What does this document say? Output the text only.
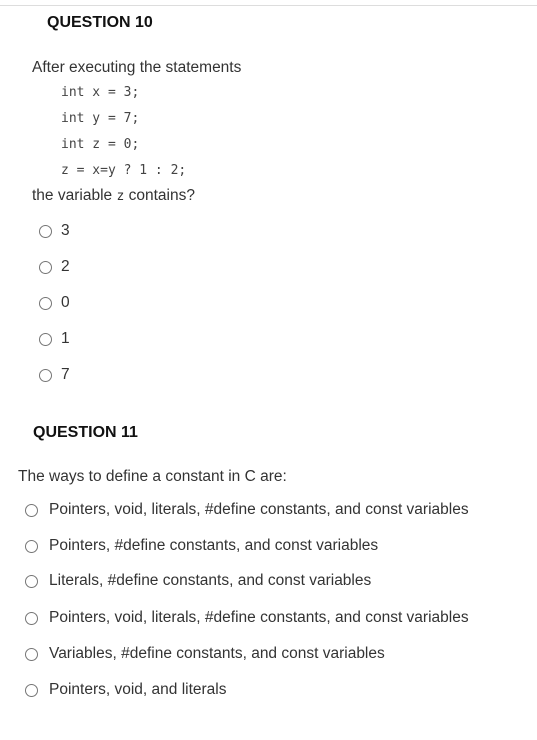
QUESTION 10
After executing the statements
int x = 3;
int y = 7;
int z = 0;
z = x=y ? 1 : 2;
the variable z contains?
3
2
0
1
7
QUESTION 11
The ways to define a constant in C are:
Pointers, void, literals, #define constants, and const variables
Pointers, #define constants, and const variables
Literals, #define constants, and const variables
Pointers, void, literals, #define constants, and const variables
Variables, #define constants, and const variables
Pointers, void, and literals
